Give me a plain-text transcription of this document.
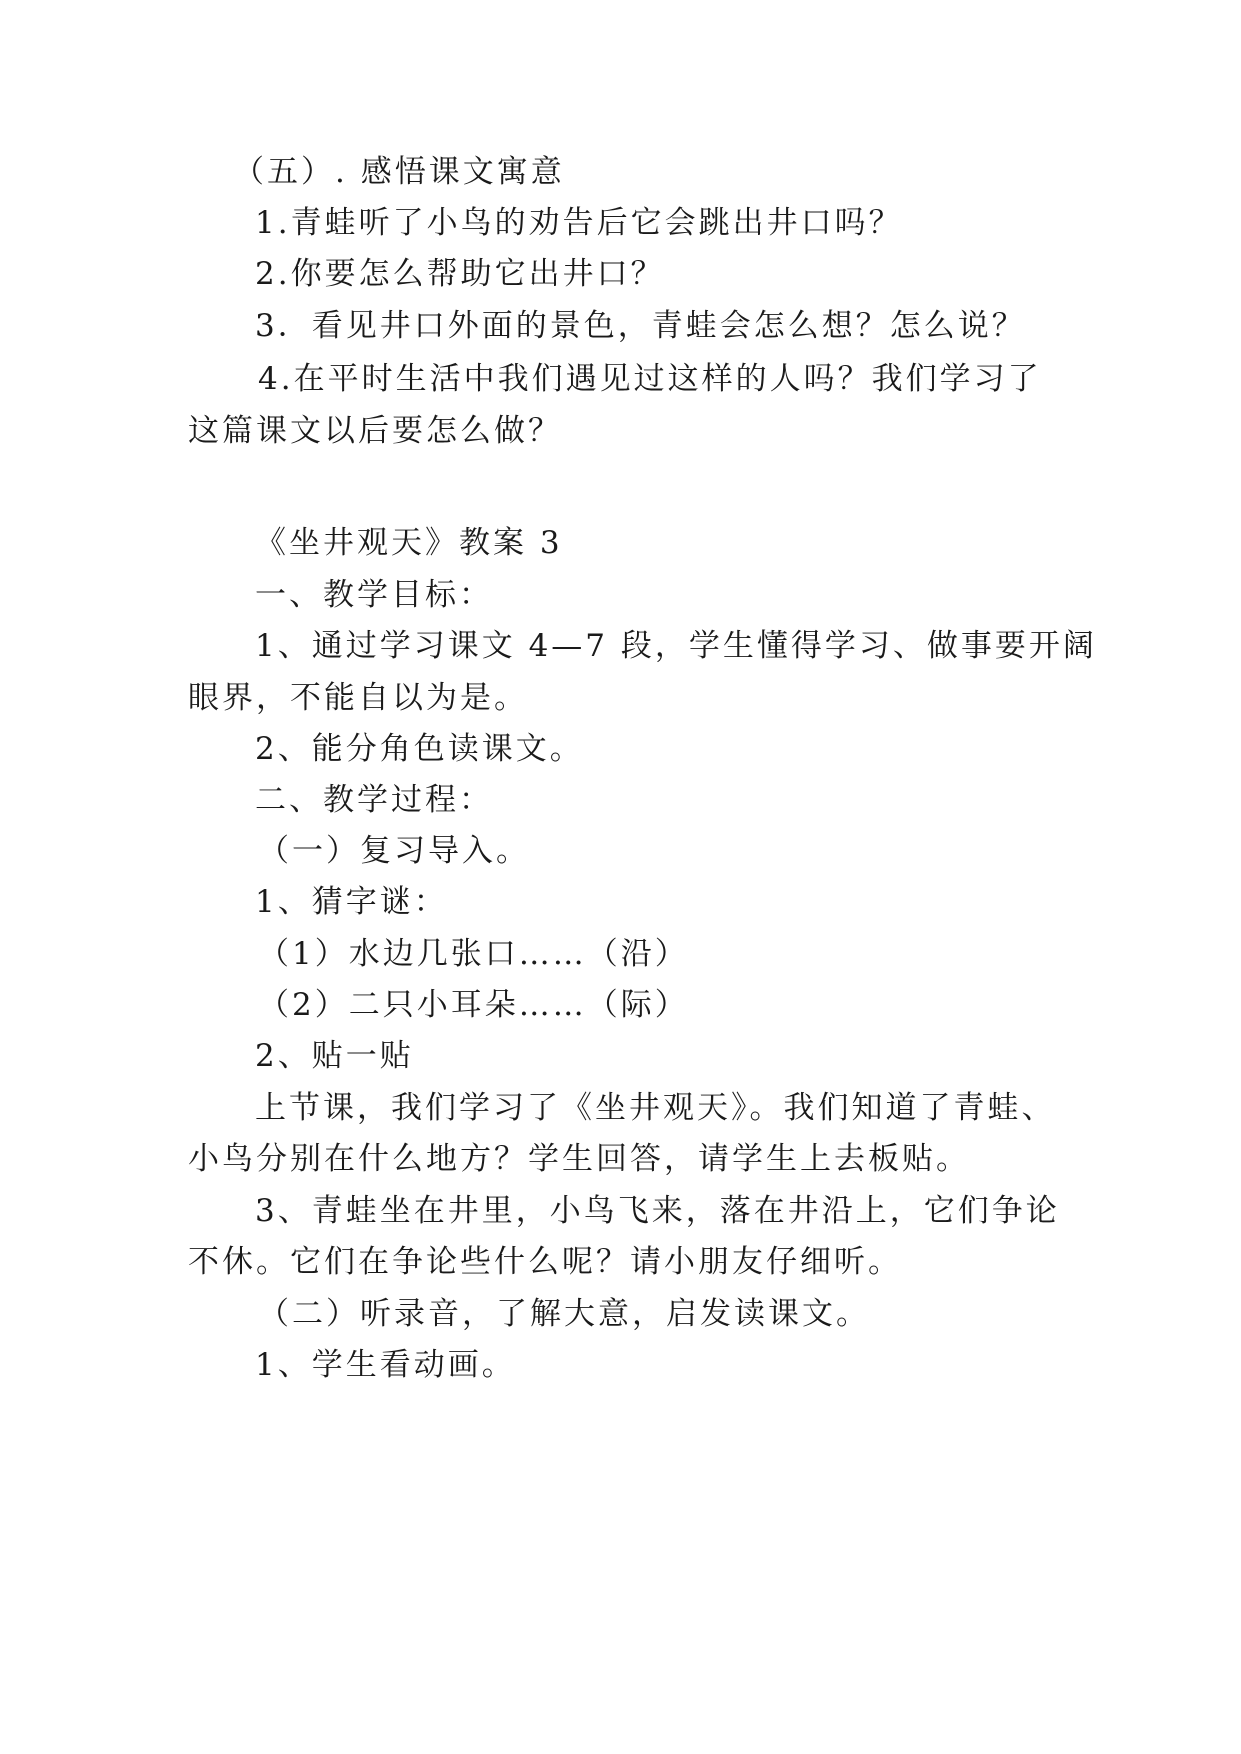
（五）. 感悟课文寓意
1.青蛙听了小鸟的劝告后它会跳出井口吗？
2.你要怎么帮助它出井口？
3．看见井口外面的景色，青蛙会怎么想？怎么说？
4.在平时生活中我们遇见过这样的人吗？我们学习了
这篇课文以后要怎么做？
《坐井观天》教案 3
一、教学目标：
1、通过学习课文 4—7 段，学生懂得学习、做事要开阔
眼界，不能自以为是。
2、能分角色读课文。
二、教学过程：
（一）复习导入。
1、猜字谜：
（1）水边几张口……（沿）
（2）二只小耳朵……（际）
2、贴一贴
上节课，我们学习了《坐井观天》。我们知道了青蛙、
小鸟分别在什么地方？学生回答，请学生上去板贴。
3、青蛙坐在井里，小鸟飞来，落在井沿上，它们争论
不休。它们在争论些什么呢？请小朋友仔细听。
（二）听录音，了解大意，启发读课文。
1、学生看动画。
